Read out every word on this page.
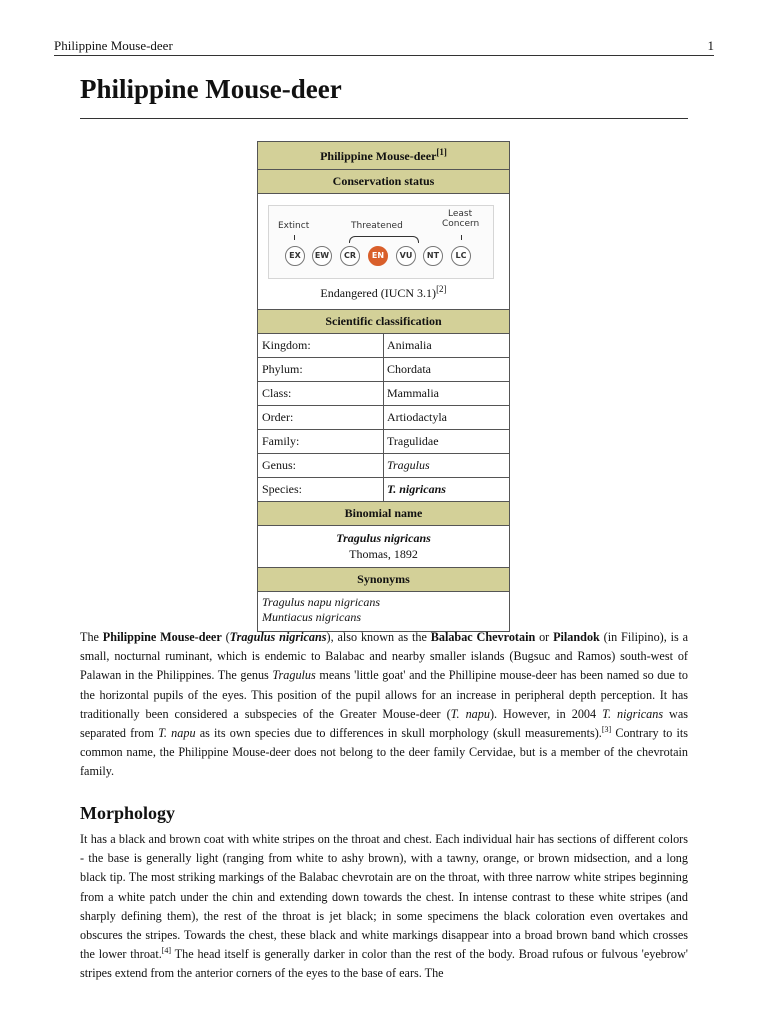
Philippine Mouse-deer	1
Philippine Mouse-deer
Philippine Mouse-deer[1]
Conservation status
Extinct	Threatened
Least
Concern
EX	EW	CR	EN	VU	NT	LC
Endangered (IUCN 3.1)[2]
Scientific classification
Kingdom:	Animalia
Phylum:	Chordata
Class:	Mammalia
Order:	Artiodactyla
Family:	Tragulidae
Genus:	Tragulus
Species:	T. nigricans
Binomial name
Tragulus nigricans
Thomas, 1892
Synonyms
Tragulus napu nigricans
Muntiacus nigricans

The Philippine Mouse-deer (Tragulus nigricans), also known as the Balabac Chevrotain or Pilandok (in Filipino), is a small, nocturnal ruminant, which is endemic to Balabac and nearby smaller islands (Bugsuc and Ramos) south-west of Palawan in the Philippines. The genus Tragulus means 'little goat' and the Phillipine mouse-deer has been named so due to the horizontal pupils of the eyes. This position of the pupil allows for an increase in peripheral depth perception. It has traditionally been considered a subspecies of the Greater Mouse-deer (T. napu). However, in 2004 T. nigricans was separated from T. napu as its own species due to differences in skull morphology (skull measurements).[3] Contrary to its common name, the Philippine Mouse-deer does not belong to the deer family Cervidae, but is a member of the chevrotain family.

Morphology

It has a black and brown coat with white stripes on the throat and chest. Each individual hair has sections of different colors - the base is generally light (ranging from white to ashy brown), with a tawny, orange, or brown midsection, and a long black tip. The most striking markings of the Balabac chevrotain are on the throat, with three narrow white stripes beginning from a white patch under the chin and extending down towards the chest. In intense contrast to these white stripes (and sharply defining them), the rest of the throat is jet black; in some specimens the black coloration even overtakes and obscures the stripes. Towards the chest, these black and white markings disappear into a broad brown band which crosses the lower throat.[4] The head itself is generally darker in color than the rest of the body. Broad rufous or fulvous 'eyebrow' stripes extend from the anterior corners of the eyes to the base of ears. The
